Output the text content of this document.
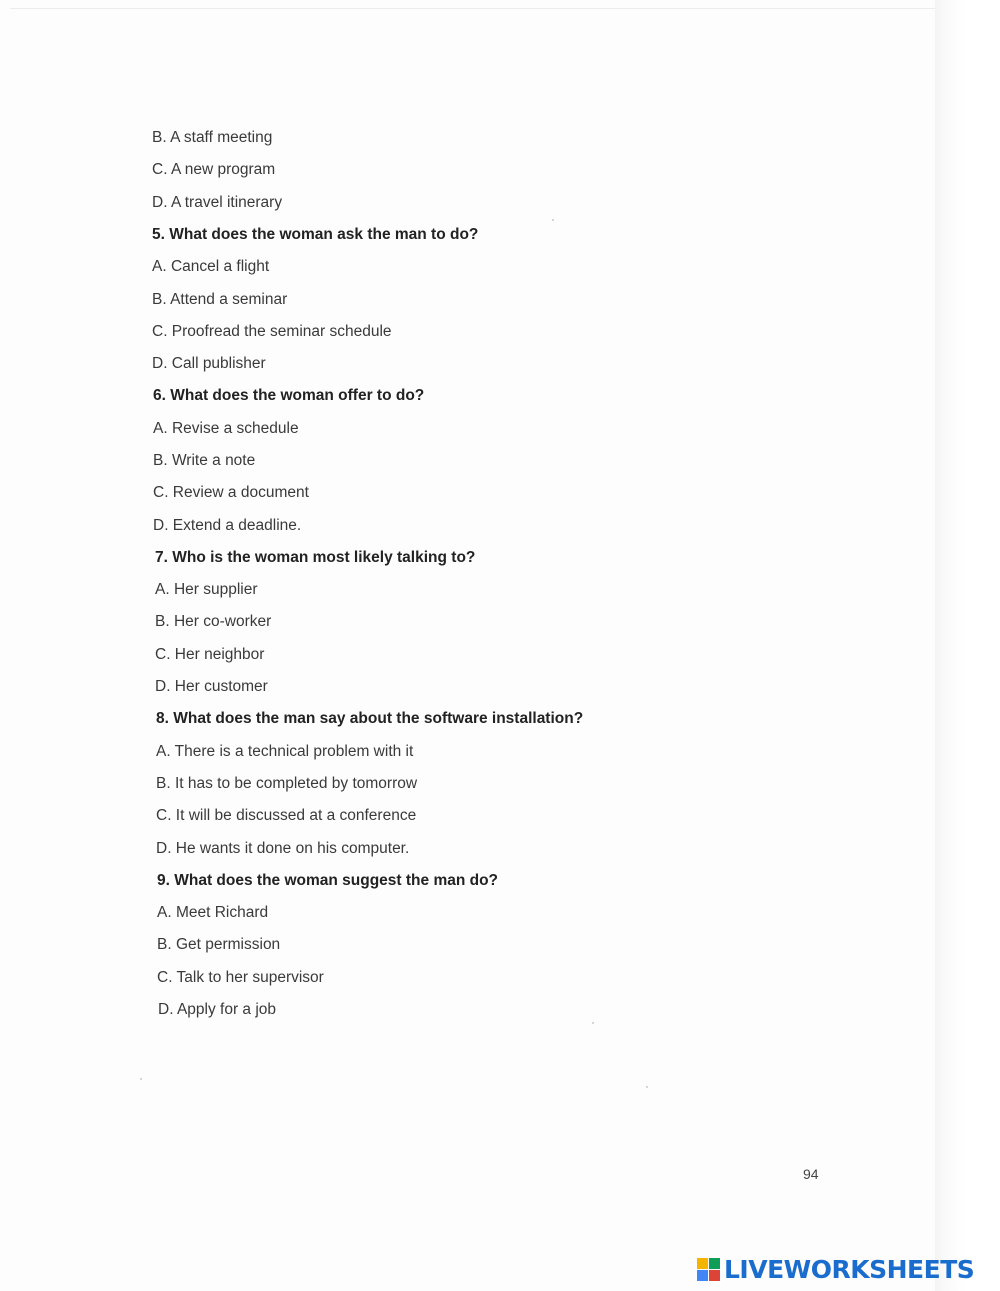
B. A staff meeting
C. A new program
D. A travel itinerary
5. What does the woman ask the man to do?
A. Cancel a flight
B. Attend a seminar
C. Proofread the seminar schedule
D. Call publisher
6. What does the woman offer to do?
A. Revise a schedule
B. Write a note
C. Review a document
D. Extend a deadline.
7. Who is the woman most likely talking to?
A. Her supplier
B. Her co-worker
C. Her neighbor
D. Her customer
8. What does the man say about the software installation?
A. There is a technical problem with it
B. It has to be completed by tomorrow
C. It will be discussed at a conference
D. He wants it done on his computer.
9. What does the woman suggest the man do?
A. Meet Richard
B. Get permission
C. Talk to her supervisor
D. Apply for a job
94
LIVEWORKSHEETS
